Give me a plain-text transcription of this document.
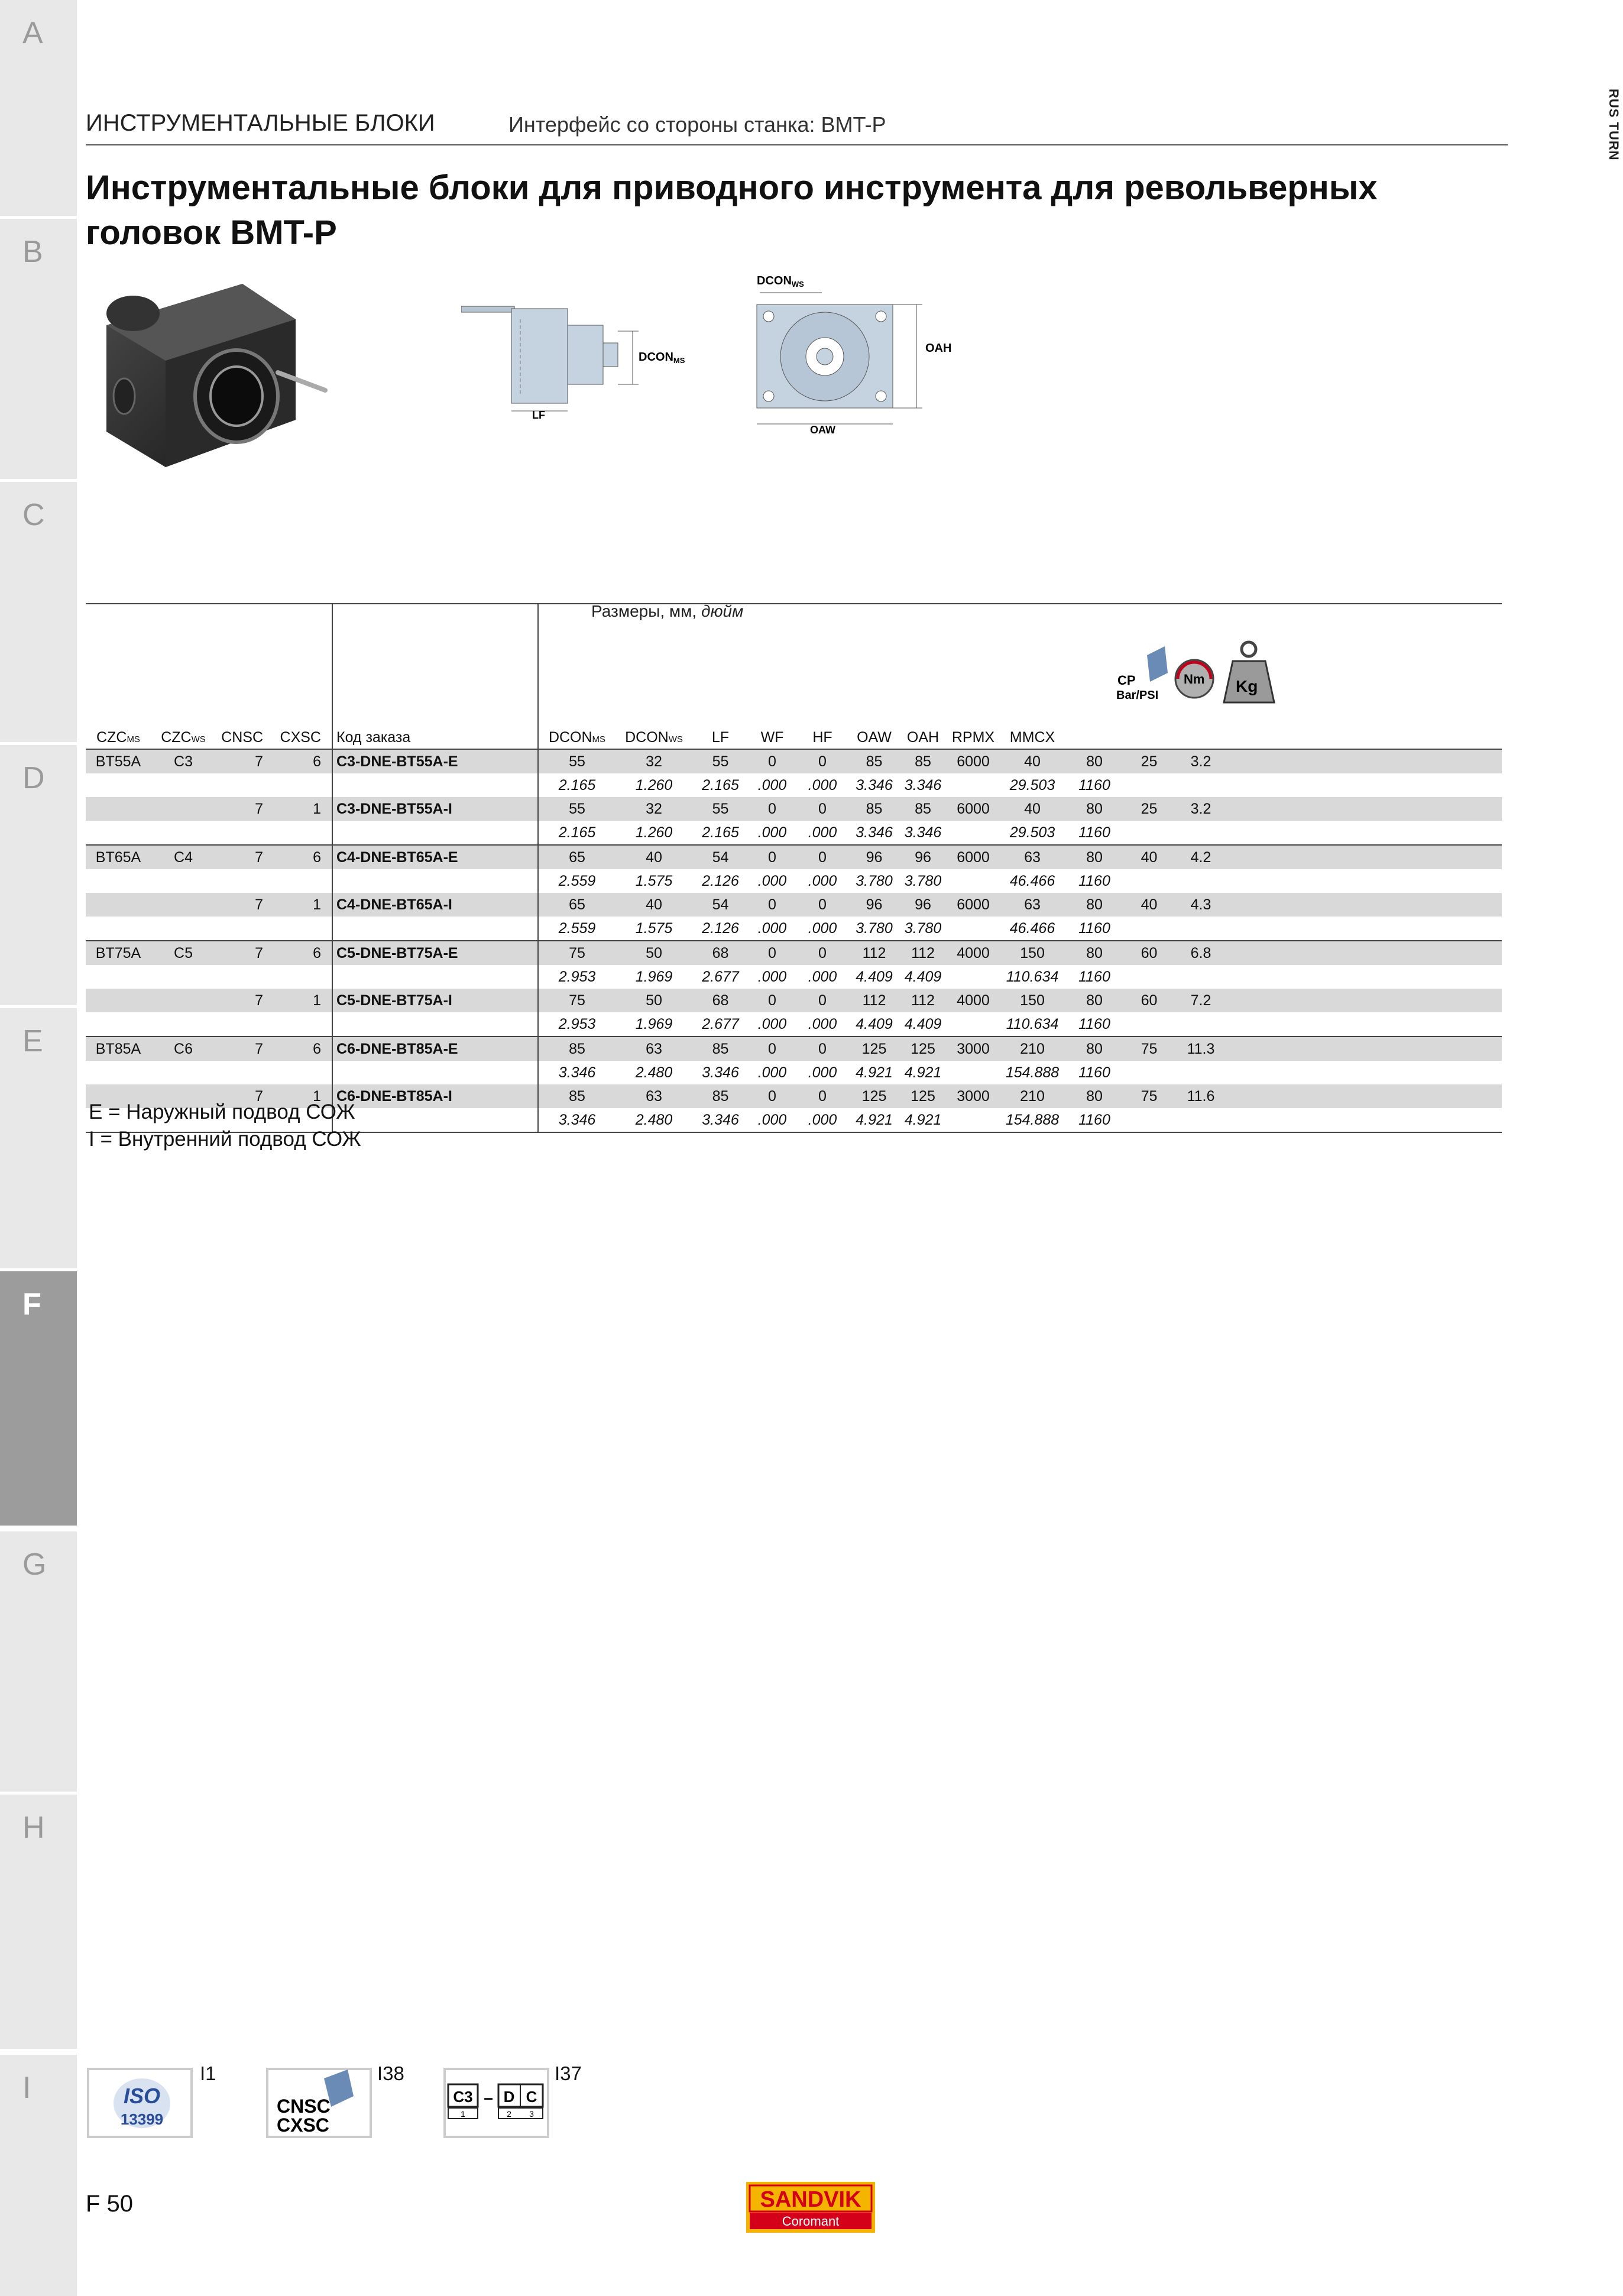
A
B
C
D
E
F
G
H
I
RUS TURN
ИНСТРУМЕНТАЛЬНЫЕ БЛОКИ	Интерфейс со стороны станка: BMT-P
Инструментальные блоки для приводного инструмента для револьверных головок BMT-P
$DCON_{MS}$
LF
$DCON_{WS}$
OAH
OAW
Размеры, мм, дюйм
CP
Bar/PSI
Nm Kg

CZCMS	CZCWS	CNSC	CXSC	Код заказа	DCONMS	DCONWS	LF	WF	HF	OAW	OAH	RPMX	MMCX				
BT55A	C3	7	6	C3-DNE-BT55A-E	55	32	55	0	0	85	85	6000	40	80	25	3.2	
					2.165	1.260	2.165	.000	.000	3.346	3.346		29.503	1160			
		7	1	C3-DNE-BT55A-I	55	32	55	0	0	85	85	6000	40	80	25	3.2	
					2.165	1.260	2.165	.000	.000	3.346	3.346		29.503	1160			
BT65A	C4	7	6	C4-DNE-BT65A-E	65	40	54	0	0	96	96	6000	63	80	40	4.2	
					2.559	1.575	2.126	.000	.000	3.780	3.780		46.466	1160			
		7	1	C4-DNE-BT65A-I	65	40	54	0	0	96	96	6000	63	80	40	4.3	
					2.559	1.575	2.126	.000	.000	3.780	3.780		46.466	1160			
BT75A	C5	7	6	C5-DNE-BT75A-E	75	50	68	0	0	112	112	4000	150	80	60	6.8	
					2.953	1.969	2.677	.000	.000	4.409	4.409		110.634	1160			
		7	1	C5-DNE-BT75A-I	75	50	68	0	0	112	112	4000	150	80	60	7.2	
					2.953	1.969	2.677	.000	.000	4.409	4.409		110.634	1160			
BT85A	C6	7	6	C6-DNE-BT85A-E	85	63	85	0	0	125	125	3000	210	80	75	11.3	
					3.346	2.480	3.346	.000	.000	4.921	4.921		154.888	1160			
		7	1	C6-DNE-BT85A-I	85	63	85	0	0	125	125	3000	210	80	75	11.6	
					3.346	2.480	3.346	.000	.000	4.921	4.921		154.888	1160			
E = Наружный подвод СОЖ
I = Внутренний подвод СОЖ
ISO
13399
I1
CNSC
CXSC
I38
C3
1
– D C
2 3
I37
F 50	SANDVIK
Coromant
